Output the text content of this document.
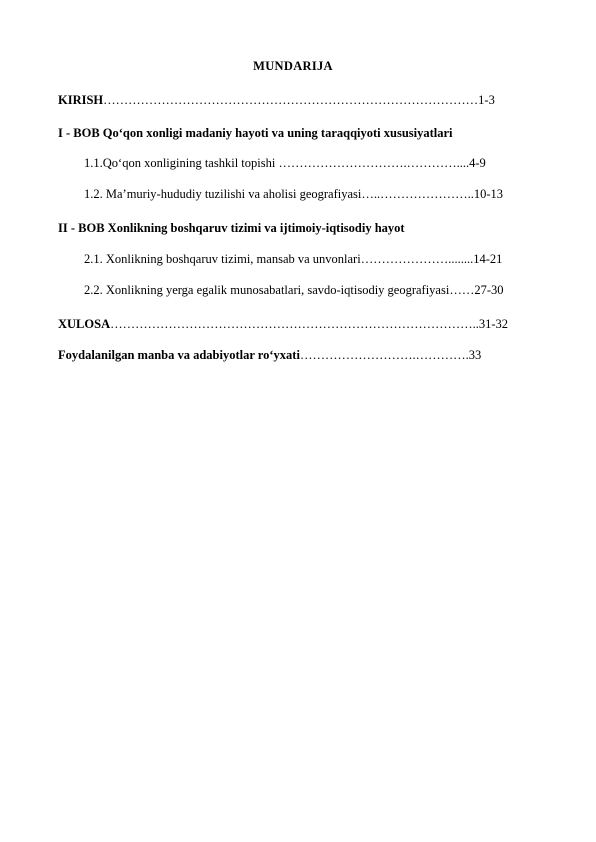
MUNDARIJA
KIRISH………………………………………………………………………………1-3
I - BOB Qo‘qon xonligi madaniy hayoti va uning taraqqiyoti xususiyatlari
1.1.Qo‘qon xonligining tashkil topishi ………………………….…………....4-9
1.2. Ma’muriy-hududiy tuzilishi va aholisi geografiyasi…..…………………..10-13
II - BOB Xonlikning boshqaruv tizimi va ijtimoiy-iqtisodiy hayot
2.1. Xonlikning boshqaruv tizimi, mansab va unvonlari…………………........14-21
2.2. Xonlikning yerga egalik munosabatlari, savdo-iqtisodiy geografiyasi……27-30
XULOSA……………………………………………………………………………..31-32
Foydalanilgan manba va adabiyotlar ro‘yxati……………………….………….33
